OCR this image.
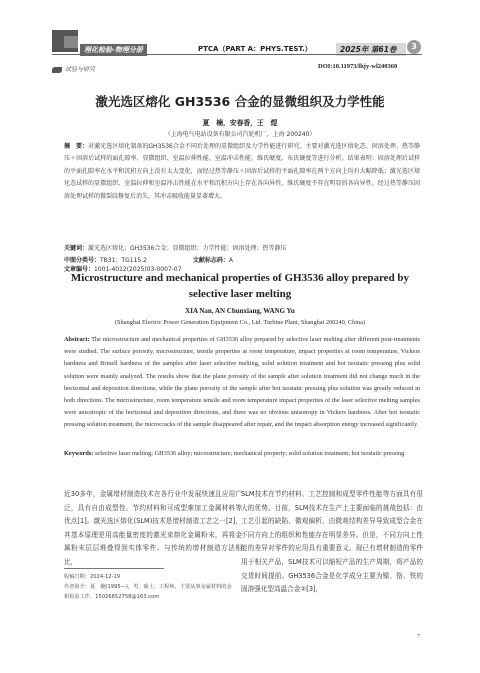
理化检验-物理分册	PTCA（PART A：PHYS.TEST.）	2025年 第61卷	3
试验与研究	DOI:10.11973/lhjy-wl240360
激光选区熔化 GH3536 合金的显微组织及力学性能
夏　楠，安春香，王　煜
（上海电气电站设备有限公司汽轮机厂，上海 200240）
摘　要：对激光选区熔化制备的GH3536合金不同后处理的显微组织及力学性能进行研究。主要对激光选区熔化态、固溶处理、热等静压＋固溶后试样的面孔隙率、显微组织、室温拉伸性能、室温冲击性能、维氏硬度、布氏硬度等进行分析。结果表明：固溶处理后试样的平面孔隙率在水平和沉积方向上没有太大变化，而经过热等静压＋固溶后试样的平面孔隙率在两个方向上均有大幅降低；激光选区熔化态试样的显微组织、室温拉伸和室温冲击性能在水平和沉积方向上存在各向异性，维氏硬度不存在明显的各向异性。经过热等静压固溶处理试样的微裂纹修复后消失，其冲击吸收能量显著增大。
关键词：激光选区熔化；GH3536合金；显微组织；力学性能；固溶处理；热等静压
中图分类号：TB31；TG115.2	文献标志码：A 文章编号：1001-4012(2025)03-0007-07
Microstructure and mechanical properties of GH3536 alloy prepared by selective laser melting
XIA Nan, AN Chunxiang, WANG Yu
(Shanghai Electric Power Generation Equipment Co., Ltd. Turbine Plant, Shanghai 200240, China)
Abstract: The microstructure and mechanical properties of GH3536 alloy prepared by selective laser melting after different post-treatments were studied. The surface porosity, microstructure, tensile properties at room temperature, impact properties at room temperature, Vickers hardness and Brinell hardness of the samples after laser selective melting, solid solution treatment and hot isostatic pressing plus solid solution were mainly analyzed. The results show that the plane porosity of the sample after solution treatment did not change much in the horizontal and deposition directions, while the plane porosity of the sample after hot isostatic pressing plus solution was greatly reduced in both directions. The microstructure, room temperature tensile and room temperature impact properties of the laser selective melting samples were anisotropic of the horizontal and deposition directions, and there was no obvious anisotropy in Vickers hardness. After hot isostatic pressing solution treatment, the microcracks of the sample disappeared after repair, and the impact absorption energy increased significantly.
Keywords: selective laser melting; GH3536 alloy; microstructure; mechanical property; solid solution treatment; hot isostatic pressing
近30多年，金属增材制造技术在各行业中发展快速且应用广泛，具有自由成型性、节约材料和可成型难加工金属材料等优点[1]。激光选区熔化(SLM)技术是增材制造工艺之一[2]，其基本原理是用高能量密度的激光束熔化金属粉末，再将金属粉末层层堆叠得到实体零件。与传统的增材制造方法相比，
SLM技术在节约材料、工艺控制和成型零件性能等方面具有很大的优势。目前，SLM技术在生产上主要面临的挑战包括：由工艺引起的缺陷、微观偏析、由微观结构差异导致成型合金在不同方向上的组织和性能存在明显差异。但是，不同方向上性能的差异对零件的应用具有重要意义。现已有增材制造的零件用于相关产品，SLM技术可以缩短产品的生产周期，将产品的交货时间提前。GH3536合金是化学成分主要为镍、铬、铁的固溶强化型高温合金②[3]，
收稿日期：2024-12-19
作者简介：夏　楠(1995—)，男，硕士，工程师，主要从事金属材料的金相检验工作，15026652758@163.com
7
